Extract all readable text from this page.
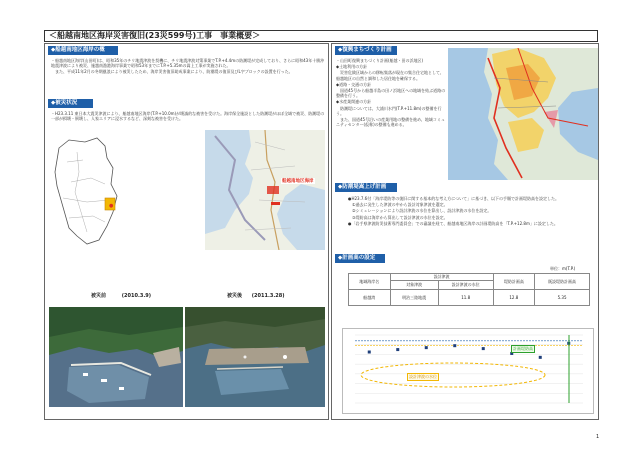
＜船越南地区海岸災害復旧(23災599号)工事　事業概要＞
◆船越南地区海岸の概

・船越南地区海岸(山田町)は、昭和35年のチリ地震津波を契機に、チリ地震津波対策事業でT.P.+4.4mの防潮堤が完成しており、さらに昭和43年十勝沖地震津波により被災、施越南漁港海岸事業で昭和53年までにT.P.+5.35mの嵩上工事が実施された。

　また、平成11年2月の冬期風浪により被災したため、海岸災害復旧助成事業により、防潮堤の復旧及びL字ブロックの設置を行った。

◆被災状況
・H23.3.11 東日本大震災津波により、船越南地区海岸(T.P.+10.0m)が壊滅的な被害を受けた。海岸保全施設とした防潮堤がほぼ全域で被災、防潮堤の一部が損壊・倒壊し、人家エリアに浸水するなど、深刻な被害を受けた。
●
船越南地区海岸
被災前	(2010.3.9)	被災後 (2011.3.28)
◆復興まちづくり計画

・山田町復興まちづくり計画(船越・田の浜地区)

◆土地利用の方針

　災害危険区域からの移転集落が現在の集合住宅地として、船越地区の自然と調和した居住地を確保する。

◆道路・交通の方針

　国道45号から船越半島の田ノ浜地区への地域を結ぶ道路の整備を行う。

◆水産業関連の方針

　防潮堤については、大浦川水門(T.P.+11.8m)の整備を行う。

　また、国道45号沿いの産業用地の整備を進め、地域コミュニティセンター(仮称)の整備も進める。

◆防潮堤嵩上げ計画

●H23.7.6付「海岸堤防等の復旧に関する基本的な考え方について」に基づき、以下の手順で計画堤防高を設定した。

　①過去に発生した津波の中から設計対象津波を選定。

　②シミュレーションにより設計津波の水位を算出し、設計津波の水位を設定。

　③堤防高は海岸から算出して設計津波の水位を設定。

●「岩手県津波防災技術専門委員会」での審議を経て、船越南地区海岸の計画堤防高を「T.P.+12.8m」に設定した。

◆計画高の設定
単位：m(T.P.)
地域海岸名	設計津波		堤防計画高	既設堤防計画高
	対象津波	設計津波の水位		
船越湾	明治三陸地震	11.8	12.8	5.35
設計津波の水位
計画堤防高
1
